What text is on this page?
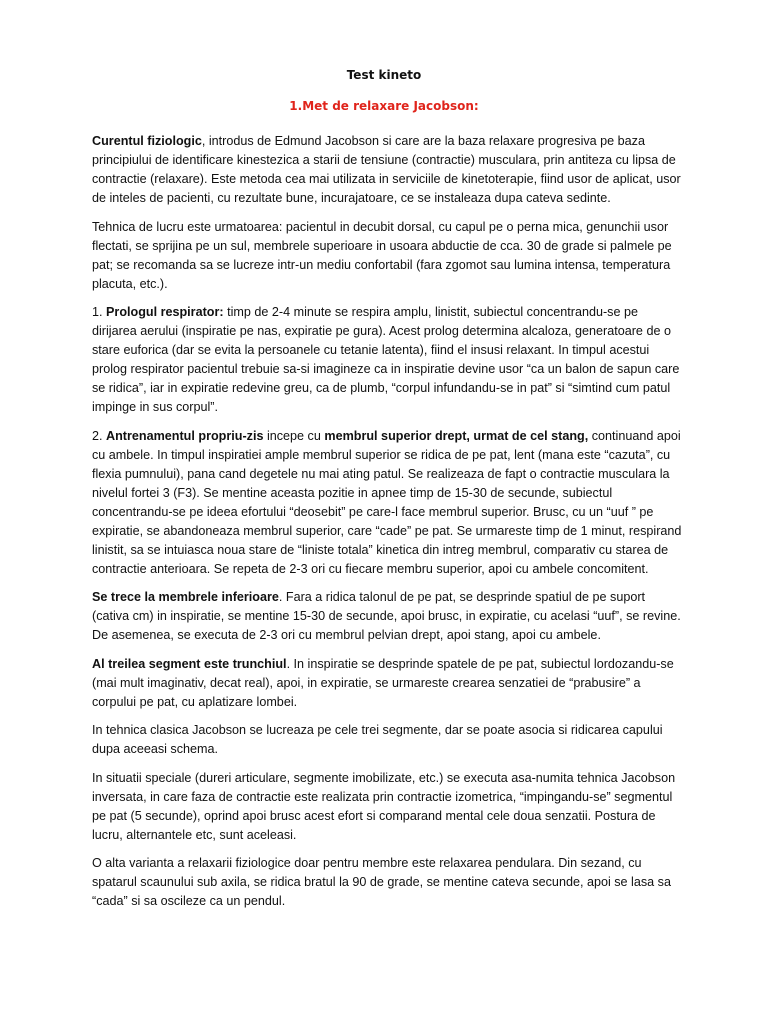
Test kineto
1.Met de relaxare Jacobson:

Curentul fiziologic, introdus de Edmund Jacobson si care are la baza relaxare progresiva pe baza principiului de identificare kinestezica a starii de tensiune (contractie) musculara, prin antiteza cu lipsa de contractie (relaxare). Este metoda cea mai utilizata in serviciile de kinetoterapie, fiind usor de aplicat, usor de inteles de pacienti, cu rezultate bune, incurajatoare, ce se instaleaza dupa cateva sedinte.

Tehnica de lucru este urmatoarea: pacientul in decubit dorsal, cu capul pe o perna mica, genunchii usor flectati, se sprijina pe un sul, membrele superioare in usoara abductie de cca. 30 de grade si palmele pe pat; se recomanda sa se lucreze intr-un mediu confortabil (fara zgomot sau lumina intensa, temperatura placuta, etc.).

1. Prologul respirator: timp de 2-4 minute se respira amplu, linistit, subiectul concentrandu-se pe dirijarea aerului (inspiratie pe nas, expiratie pe gura). Acest prolog determina alcaloza, generatoare de o stare euforica (dar se evita la persoanele cu tetanie latenta), fiind el insusi relaxant. In timpul acestui prolog respirator pacientul trebuie sa-si imagineze ca in inspiratie devine usor “ca un balon de sapun care se ridica”, iar in expiratie redevine greu, ca de plumb, “corpul infundandu-se in pat” si “simtind cum patul impinge in sus corpul”.

2. Antrenamentul propriu-zis incepe cu membrul superior drept, urmat de cel stang, continuand apoi cu ambele. In timpul inspiratiei ample membrul superior se ridica de pe pat, lent (mana este “cazuta”, cu flexia pumnului), pana cand degetele nu mai ating patul. Se realizeaza de fapt o contractie musculara la nivelul fortei 3 (F3). Se mentine aceasta pozitie in apnee timp de 15-30 de secunde, subiectul concentrandu-se pe ideea efortului “deosebit” pe care-l face membrul superior. Brusc, cu un “uuf ” pe expiratie, se abandoneaza membrul superior, care “cade” pe pat. Se urmareste timp de 1 minut, respirand linistit, sa se intuiasca noua stare de “liniste totala” kinetica din intreg membrul, comparativ cu starea de contractie anterioara. Se repeta de 2-3 ori cu fiecare membru superior, apoi cu ambele concomitent.

Se trece la membrele inferioare. Fara a ridica talonul de pe pat, se desprinde spatiul de pe suport (cativa cm) in inspiratie, se mentine 15-30 de secunde, apoi brusc, in expiratie, cu acelasi “uuf”, se revine. De asemenea, se executa de 2-3 ori cu membrul pelvian drept, apoi stang, apoi cu ambele.

Al treilea segment este trunchiul. In inspiratie se desprinde spatele de pe pat, subiectul lordozandu-se (mai mult imaginativ, decat real), apoi, in expiratie, se urmareste crearea senzatiei de “prabusire” a corpului pe pat, cu aplatizare lombei.

In tehnica clasica Jacobson se lucreaza pe cele trei segmente, dar se poate asocia si ridicarea capului dupa aceeasi schema.

In situatii speciale (dureri articulare, segmente imobilizate, etc.) se executa asa-numita tehnica Jacobson inversata, in care faza de contractie este realizata prin contractie izometrica, “impingandu-se” segmentul pe pat (5 secunde), oprind apoi brusc acest efort si comparand mental cele doua senzatii. Postura de lucru, alternantele etc, sunt aceleasi.

O alta varianta a relaxarii fiziologice doar pentru membre este relaxarea pendulara. Din sezand, cu spatarul scaunului sub axila, se ridica bratul la 90 de grade, se mentine cateva secunde, apoi se lasa sa “cada” si sa oscileze ca un pendul.
